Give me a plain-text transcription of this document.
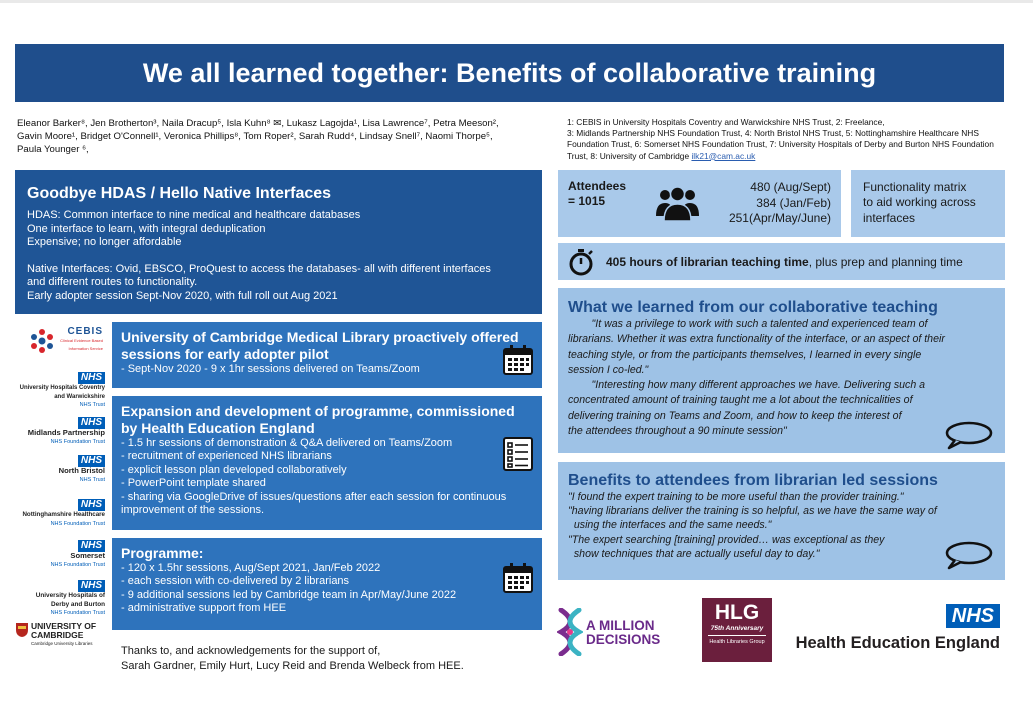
We all learned together: Benefits of collaborative training
Eleanor Barker⁸, Jen Brotherton³, Naila Dracup⁵, Isla Kuhn⁸ ✉, Lukasz Lagojda¹, Lisa Lawrence⁷, Petra Meeson²,
Gavin Moore¹, Bridget O'Connell¹, Veronica Phillips⁸, Tom Roper², Sarah Rudd⁴, Lindsay Snell⁷, Naomi Thorpe⁵,
Paula Younger ⁶,
1: CEBIS in University Hospitals Coventry and Warwickshire NHS Trust, 2: Freelance,
3: Midlands Partnership NHS Foundation Trust, 4: North Bristol NHS Trust, 5: Nottinghamshire Healthcare NHS
Foundation Trust, 6: Somerset NHS Foundation Trust, 7: University Hospitals of Derby and Burton NHS Foundation
Trust, 8: University of Cambridge ilk21@cam.ac.uk
Goodbye HDAS / Hello Native Interfaces

HDAS: Common interface to nine medical and healthcare databases

One interface to learn, with integral deduplication

Expensive; no longer affordable

Native Interfaces: Ovid, EBSCO, ProQuest to access the databases- all with different interfaces

and different routes to functionality.

Early adopter session Sept-Nov 2020, with full roll out Aug 2021

CEBIS
Clinical Evidence Based Information Service
NHS
University Hospitals Coventry and Warwickshire
NHS Trust
NHS
Midlands Partnership
NHS Foundation Trust
NHS
North Bristol
NHS Trust
NHS
Nottinghamshire Healthcare
NHS Foundation Trust
NHS
Somerset
NHS Foundation Trust
NHS
University Hospitals of Derby and Burton
NHS Foundation Trust
UNIVERSITY OF CAMBRIDGE
Cambridge University Libraries
University of Cambridge Medical Library proactively offered sessions for early adopter pilot
- Sept-Nov 2020 - 9 x 1hr sessions delivered on Teams/Zoom
Expansion and development of programme, commissioned by Health Education England
- 1.5 hr sessions of demonstration & Q&A delivered on Teams/Zoom
- recruitment of experienced NHS librarians
- explicit lesson plan developed collaboratively
- PowerPoint template shared
- sharing via GoogleDrive of issues/questions after each session for continuous
improvement of the sessions.
Programme:
- 120 x 1.5hr sessions, Aug/Sept 2021, Jan/Feb 2022
- each session with co-delivered by 2 librarians
- 9 additional sessions led by Cambridge team in Apr/May/June 2022
- administrative support from HEE
Thanks to, and acknowledgements for the support of,
Sarah Gardner, Emily Hurt, Lucy Reid and Brenda Welbeck from HEE.
Attendees
= 1015
480 (Aug/Sept)
384 (Jan/Feb)
251(Apr/May/June)
Functionality matrix
to aid working across
interfaces
405 hours of librarian teaching time , plus prep and planning time
What we learned from our collaborative teaching

"It was a privilege to work with such a talented and experienced team of

librarians. Whether it was extra functionality of the interface, or an aspect of their

teaching style, or from the participants themselves, I learned in every single

session I co-led."

"Interesting how many different approaches we have. Delivering such a

concentrated amount of training taught me a lot about the technicalities of

delivering training on Teams and Zoom, and how to keep the interest of

the attendees throughout a 90 minute session"

Benefits to attendees from librarian led sessions

"I found the expert training to be more useful than the provider training."

"having librarians deliver the training is so helpful, as we have the same way of

using the interfaces and the same needs."

"The expert searching [training] provided… was exceptional as they

show techniques that are actually useful day to day."

A MILLION
DECISIONS
HLG
75th Anniversary
Health Libraries Group
NHS
Health Education England
